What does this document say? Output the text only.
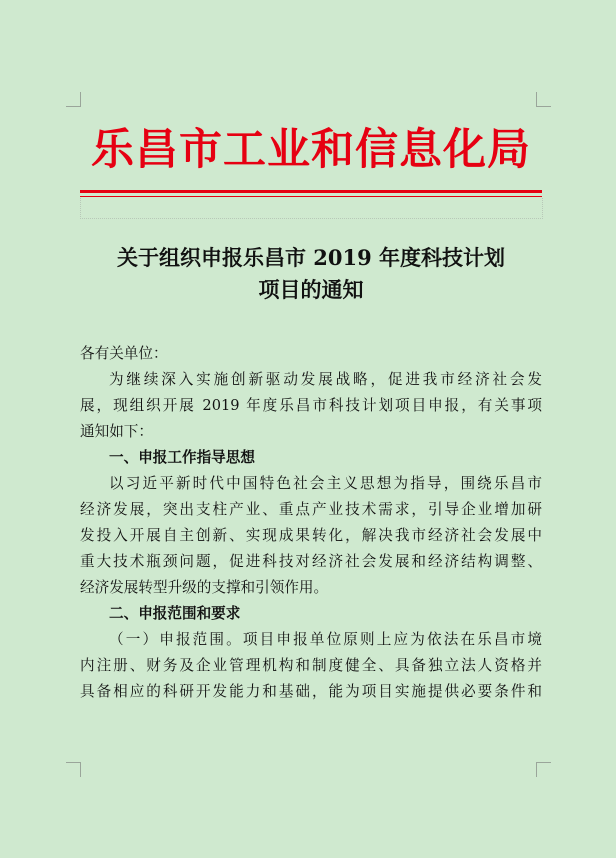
乐昌市工业和信息化局
关于组织申报乐昌市 2019 年度科技计划
项目的通知
各有关单位：
为继续深入实施创新驱动发展战略，促进我市经济社会发
展，现组织开展 2019 年度乐昌市科技计划项目申报，有关事项
通知如下：
一、申报工作指导思想
以习近平新时代中国特色社会主义思想为指导，围绕乐昌市
经济发展，突出支柱产业、重点产业技术需求，引导企业增加研
发投入开展自主创新、实现成果转化，解决我市经济社会发展中
重大技术瓶颈问题，促进科技对经济社会发展和经济结构调整、
经济发展转型升级的支撑和引领作用。
二、申报范围和要求
（一）申报范围。项目申报单位原则上应为依法在乐昌市境
内注册、财务及企业管理机构和制度健全、具备独立法人资格并
具备相应的科研开发能力和基础，能为项目实施提供必要条件和
